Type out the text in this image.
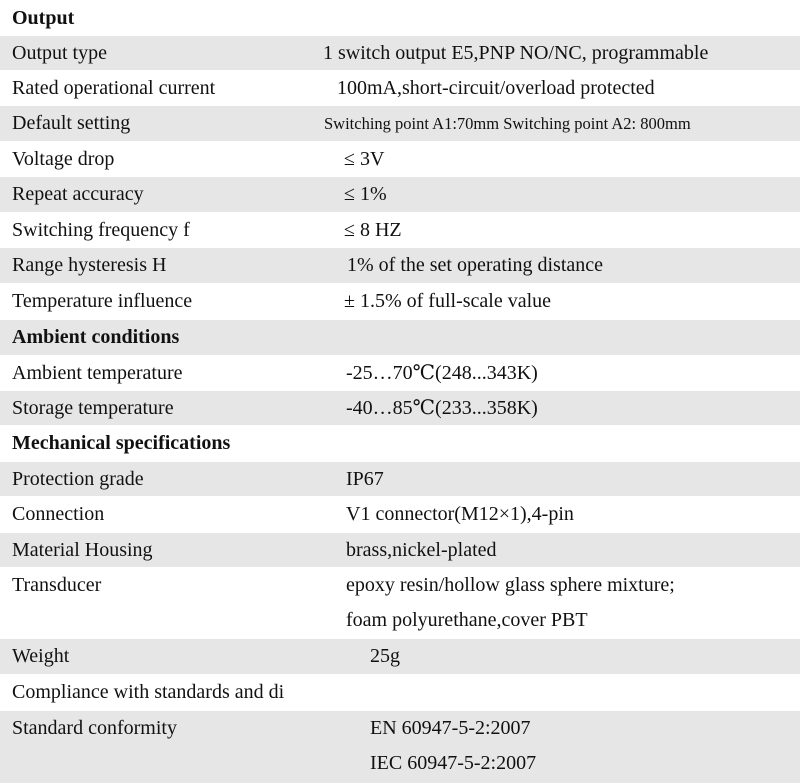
Output
Output type	1 switch output E5,PNP NO/NC, programmable
Rated operational current	100mA,short-circuit/overload protected
Default setting	Switching point A1:70mm Switching point A2: 800mm
Voltage drop	≤ 3V
Repeat accuracy	≤ 1%
Switching frequency f	≤ 8 HZ
Range hysteresis H	1% of the set operating distance
Temperature influence	± 1.5% of full-scale value
Ambient conditions
Ambient temperature	-25…70℃(248...343K)
Storage temperature	-40…85℃(233...358K)
Mechanical specifications
Protection grade	IP67
Connection	V1 connector(M12×1),4-pin
Material Housing	brass,nickel-plated
Transducer	epoxy resin/hollow glass sphere mixture;
foam polyurethane,cover PBT
Weight	25g
Compliance with standards and di
Standard conformity	EN 60947-5-2:2007
IEC 60947-5-2:2007
